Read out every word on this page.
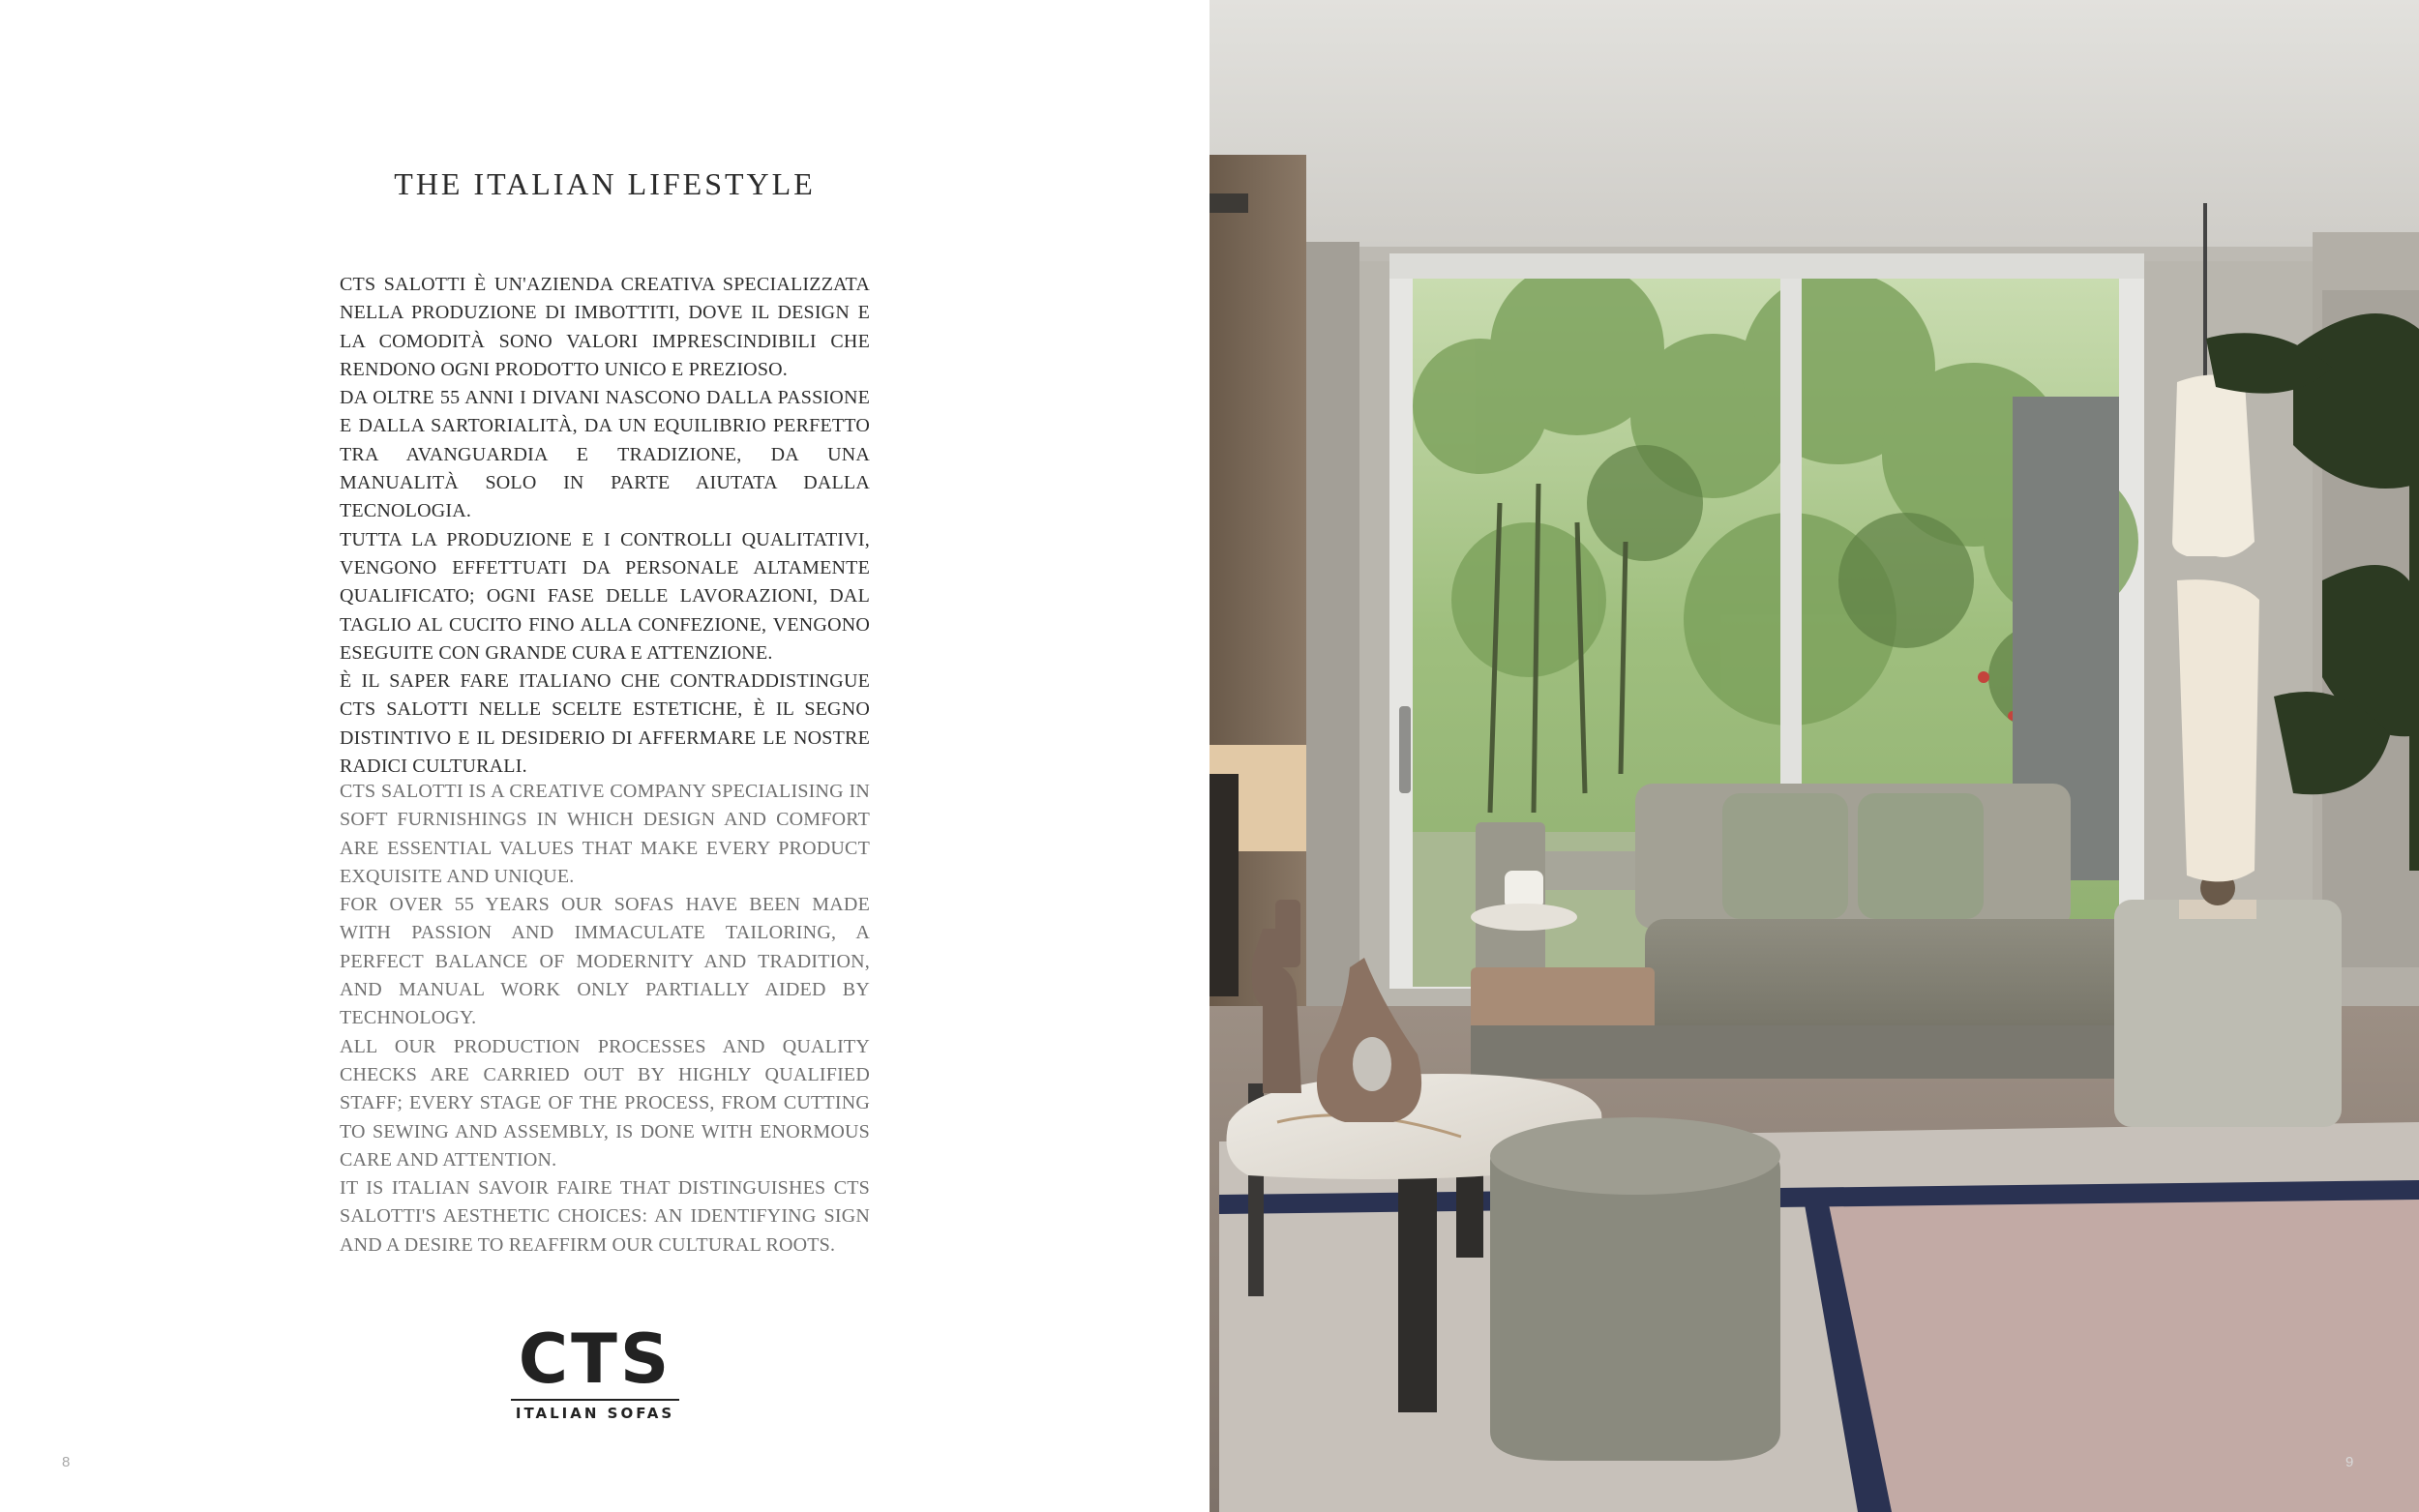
THE ITALIAN LIFESTYLE

CTS SALOTTI È UN'AZIENDA CREATIVA SPECIALIZZATA NELLA PRODUZIONE DI IMBOTTITI, DOVE IL DESIGN E LA COMODITÀ SONO VALORI IMPRESCINDIBILI CHE RENDONO OGNI PRODOTTO UNICO E PREZIOSO.

DA OLTRE 55 ANNI I DIVANI NASCONO DALLA PASSIONE E DALLA SARTORIALITÀ, DA UN EQUILIBRIO PERFETTO TRA AVANGUARDIA E TRADIZIONE, DA UNA MANUALITÀ SOLO IN PARTE AIUTATA DALLA TECNOLOGIA.

TUTTA LA PRODUZIONE E I CONTROLLI QUALITATIVI, VENGONO EFFETTUATI DA PERSONALE ALTAMENTE QUALIFICATO; OGNI FASE DELLE LAVORAZIONI, DAL TAGLIO AL CUCITO FINO ALLA CONFEZIONE, VENGONO ESEGUITE CON GRANDE CURA E ATTENZIONE.

È IL SAPER FARE ITALIANO CHE CONTRADDISTINGUE CTS SALOTTI NELLE SCELTE ESTETICHE, È IL SEGNO DISTINTIVO E IL DESIDERIO DI AFFERMARE LE NOSTRE RADICI CULTURALI.

CTS SALOTTI IS A CREATIVE COMPANY SPECIALISING IN SOFT FURNISHINGS IN WHICH DESIGN AND COMFORT ARE ESSENTIAL VALUES THAT MAKE EVERY PRODUCT EXQUISITE AND UNIQUE.

FOR OVER 55 YEARS OUR SOFAS HAVE BEEN MADE WITH PASSION AND IMMACULATE TAILORING, A PERFECT BALANCE OF MODERNITY AND TRADITION, AND MANUAL WORK ONLY PARTIALLY AIDED BY TECHNOLOGY.

ALL OUR PRODUCTION PROCESSES AND QUALITY CHECKS ARE CARRIED OUT BY HIGHLY QUALIFIED STAFF; EVERY STAGE OF THE PROCESS, FROM CUTTING TO SEWING AND ASSEMBLY, IS DONE WITH ENORMOUS CARE AND ATTENTION.

IT IS ITALIAN SAVOIR FAIRE THAT DISTINGUISHES CTS SALOTTI'S AESTHETIC CHOICES: AN IDENTIFYING SIGN AND A DESIRE TO REAFFIRM OUR CULTURAL ROOTS.

CTS
ITALIAN SOFAS
8	9
